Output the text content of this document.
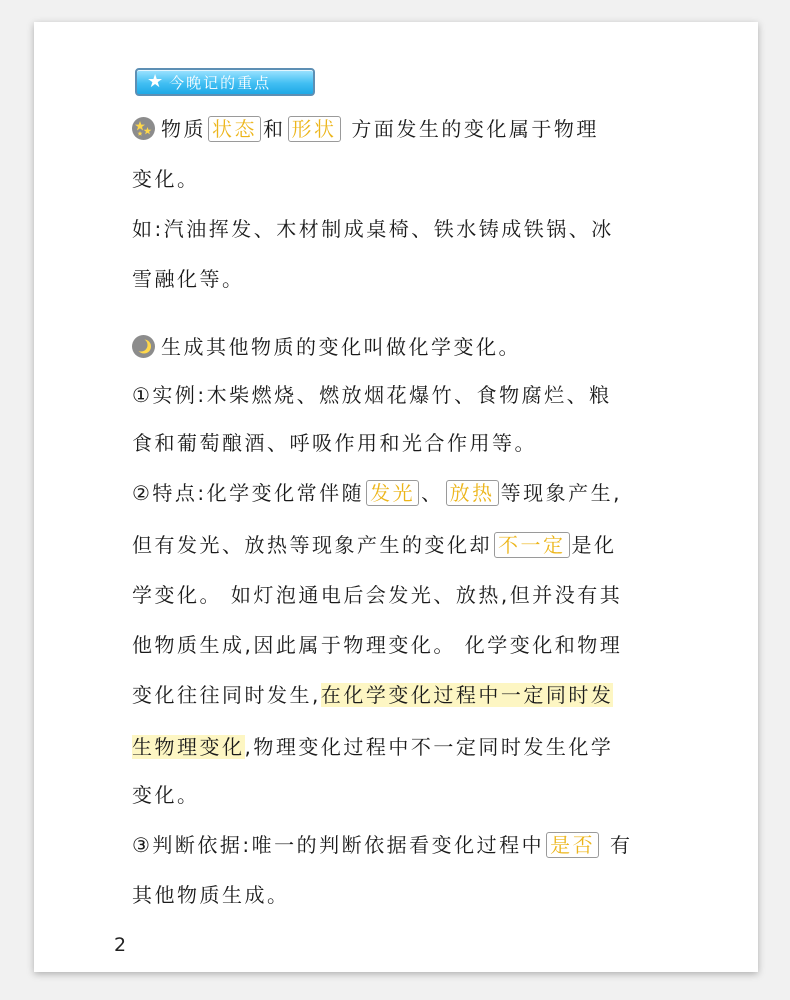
★ 今晚记的重点
物质 状态 和 形状 方面发生的变化属于物理
变化。
如:汽油挥发、木材制成桌椅、铁水铸成铁锅、冰
雪融化等。
生成其他物质的变化叫做化学变化。
①实例:木柴燃烧、燃放烟花爆竹、食物腐烂、粮
食和葡萄酿酒、呼吸作用和光合作用等。
②特点:化学变化常伴随 发光 、 放热 等现象产生,
但有发光、放热等现象产生的变化却 不一定 是化
学变化。 如灯泡通电后会发光、放热,但并没有其
他物质生成,因此属于物理变化。 化学变化和物理
变化往往同时发生,在化学变化过程中一定同时发
生物理变化,物理变化过程中不一定同时发生化学
变化。
③判断依据:唯一的判断依据看变化过程中 是否 有
其他物质生成。
2
